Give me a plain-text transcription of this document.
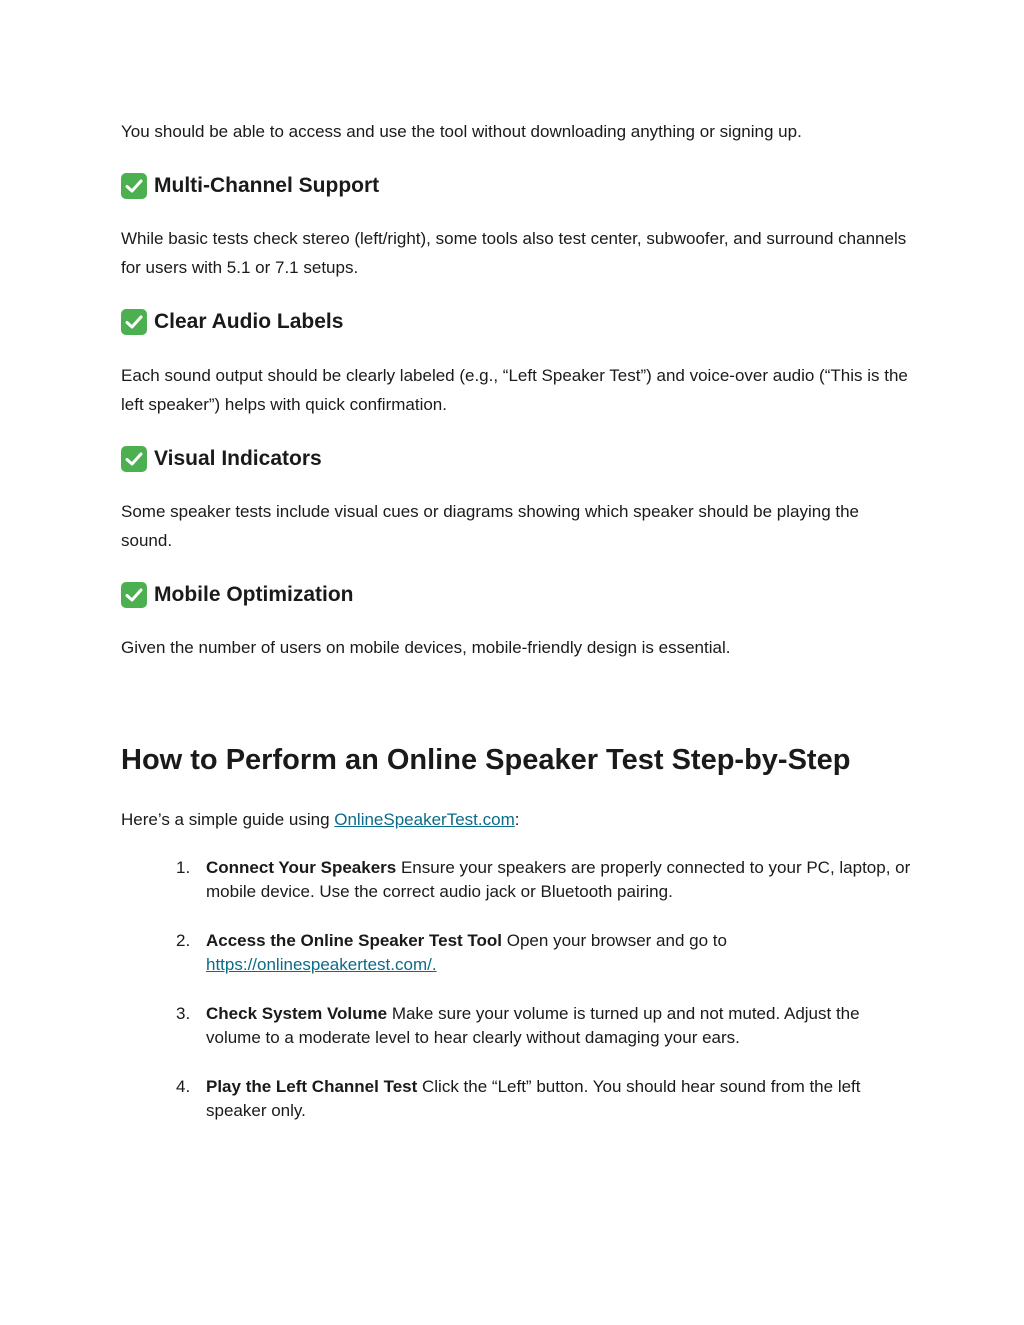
You should be able to access and use the tool without downloading anything or signing up.

Multi-Channel Support

While basic tests check stereo (left/right), some tools also test center, subwoofer, and surround channels for users with 5.1 or 7.1 setups.

Clear Audio Labels

Each sound output should be clearly labeled (e.g., “Left Speaker Test”) and voice-over audio (“This is the left speaker”) helps with quick confirmation.

Visual Indicators

Some speaker tests include visual cues or diagrams showing which speaker should be playing the sound.

Mobile Optimization

Given the number of users on mobile devices, mobile-friendly design is essential.

How to Perform an Online Speaker Test Step-by-Step

Here’s a simple guide using OnlineSpeakerTest.com:

1. Connect Your Speakers Ensure your speakers are properly connected to your PC, laptop, or mobile device. Use the correct audio jack or Bluetooth pairing.
2. Access the Online Speaker Test Tool Open your browser and go to https://onlinespeakertest.com/.
3. Check System Volume Make sure your volume is turned up and not muted. Adjust the volume to a moderate level to hear clearly without damaging your ears.
4. Play the Left Channel Test Click the “Left” button. You should hear sound from the left speaker only.
